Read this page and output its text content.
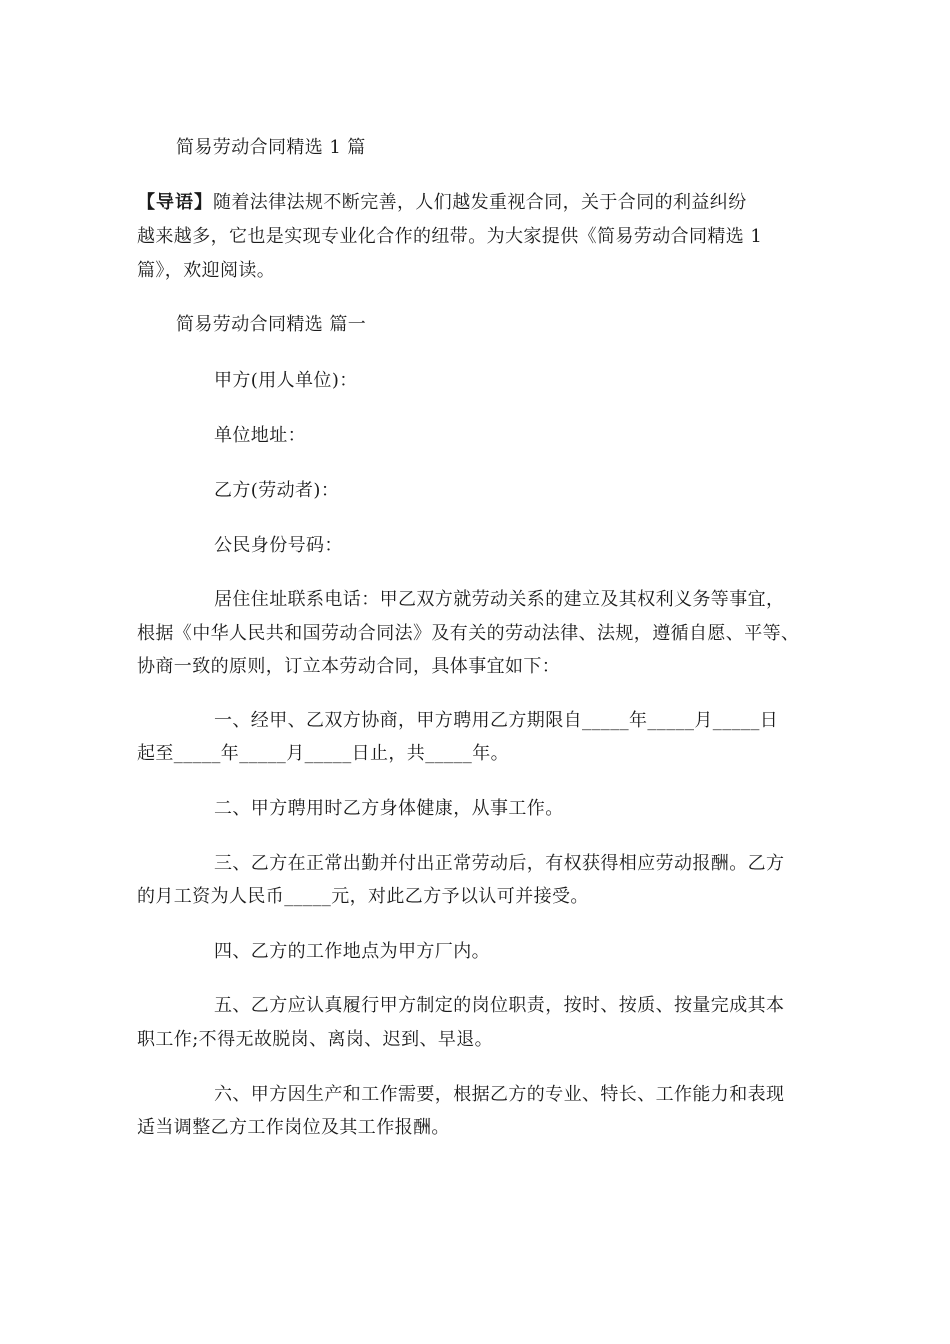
简易劳动合同精选 1 篇
【导语】随着法律法规不断完善，人们越发重视合同，关于合同的利益纠纷
越来越多，它也是实现专业化合作的纽带。为大家提供《简易劳动合同精选 1
篇》，欢迎阅读。
简易劳动合同精选 篇一
甲方(用人单位)：
单位地址：
乙方(劳动者)：
公民身份号码：
居住住址联系电话：甲乙双方就劳动关系的建立及其权利义务等事宜，
根据《中华人民共和国劳动合同法》及有关的劳动法律、法规，遵循自愿、平等、
协商一致的原则，订立本劳动合同，具体事宜如下：
一、经甲、乙双方协商，甲方聘用乙方期限自_____年_____月_____日
起至_____年_____月_____日止，共_____年。
二、甲方聘用时乙方身体健康，从事工作。
三、乙方在正常出勤并付出正常劳动后，有权获得相应劳动报酬。乙方
的月工资为人民币_____元，对此乙方予以认可并接受。
四、乙方的工作地点为甲方厂内。
五、乙方应认真履行甲方制定的岗位职责，按时、按质、按量完成其本
职工作;不得无故脱岗、离岗、迟到、早退。
六、甲方因生产和工作需要，根据乙方的专业、特长、工作能力和表现
适当调整乙方工作岗位及其工作报酬。
